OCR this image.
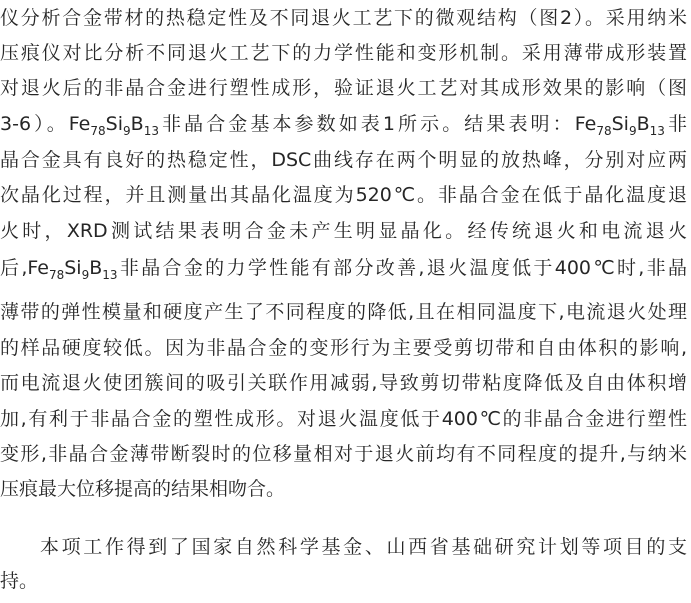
仪分析合金带材的热稳定性及不同退火工艺下的微观结构（图2）。采用纳米
压痕仪对比分析不同退火工艺下的力学性能和变形机制。采用薄带成形装置
对退火后的非晶合金进行塑性成形，验证退火工艺对其成形效果的影响（图
3-6）。$Fe_{78}Si_9B_{13}$非晶合金基本参数如表1所示。结果表明：$Fe_{78}Si_9B_{13}$非
晶合金具有良好的热稳定性，DSC曲线存在两个明显的放热峰，分别对应两
次晶化过程，并且测量出其晶化温度为520℃。非晶合金在低于晶化温度退
火时，XRD测试结果表明合金未产生明显晶化。经传统退火和电流退火
后$,Fe_{78}Si_9B_{13}$非晶合金的力学性能有部分改善,退火温度低于400℃时,非晶
薄带的弹性模量和硬度产生了不同程度的降低,且在相同温度下,电流退火处理
的样品硬度较低。因为非晶合金的变形行为主要受剪切带和自由体积的影响,
而电流退火使团簇间的吸引关联作用减弱,导致剪切带粘度降低及自由体积增
加,有利于非晶合金的塑性成形。对退火温度低于400℃的非晶合金进行塑性
变形,非晶合金薄带断裂时的位移量相对于退火前均有不同程度的提升,与纳米
压痕最大位移提高的结果相吻合。
本项工作得到了国家自然科学基金、山西省基础研究计划等项目的支
持。
